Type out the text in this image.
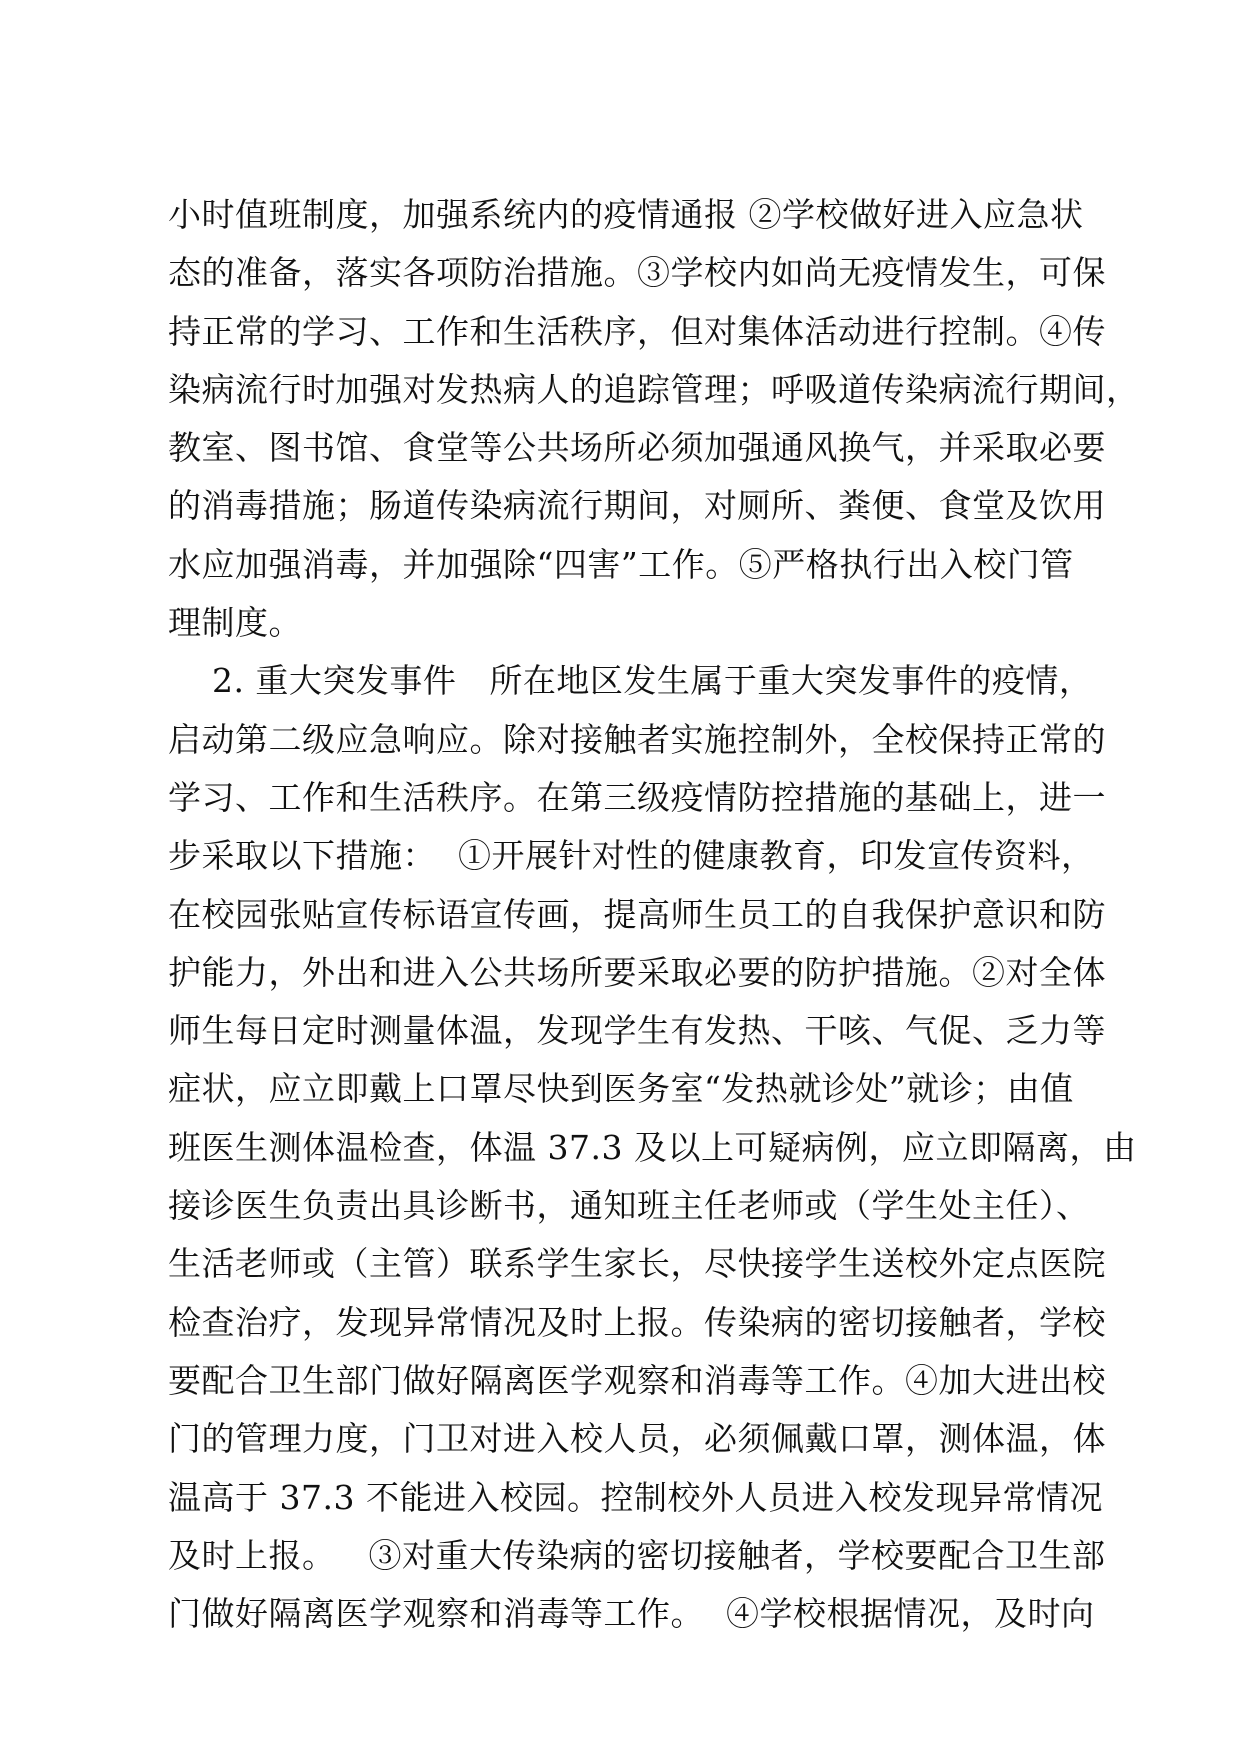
小时值班制度，加强系统内的疫情通报 ②学校做好进入应急状
态的准备，落实各项防治措施。③学校内如尚无疫情发生，可保
持正常的学习、工作和生活秩序，但对集体活动进行控制。④传
染病流行时加强对发热病人的追踪管理；呼吸道传染病流行期间，
教室、图书馆、食堂等公共场所必须加强通风换气，并采取必要
的消毒措施；肠道传染病流行期间，对厕所、粪便、食堂及饮用
水应加强消毒，并加强除“四害”工作。⑤严格执行出入校门管
理制度。
2. 重大突发事件   所在地区发生属于重大突发事件的疫情，
启动第二级应急响应。除对接触者实施控制外，全校保持正常的
学习、工作和生活秩序。在第三级疫情防控措施的基础上，进一
步采取以下措施：  ①开展针对性的健康教育，印发宣传资料，
在校园张贴宣传标语宣传画，提高师生员工的自我保护意识和防
护能力，外出和进入公共场所要采取必要的防护措施。②对全体
师生每日定时测量体温，发现学生有发热、干咳、气促、乏力等
症状，应立即戴上口罩尽快到医务室“发热就诊处”就诊；由值
班医生测体温检查，体温 37.3 及以上可疑病例，应立即隔离，由
接诊医生负责出具诊断书，通知班主任老师或（学生处主任）、
生活老师或（主管）联系学生家长，尽快接学生送校外定点医院
检查治疗，发现异常情况及时上报。传染病的密切接触者，学校
要配合卫生部门做好隔离医学观察和消毒等工作。④加大进出校
门的管理力度，门卫对进入校人员，必须佩戴口罩，测体温，体
温高于 37.3 不能进入校园。控制校外人员进入校发现异常情况
及时上报。   ③对重大传染病的密切接触者，学校要配合卫生部
门做好隔离医学观察和消毒等工作。  ④学校根据情况，及时向
